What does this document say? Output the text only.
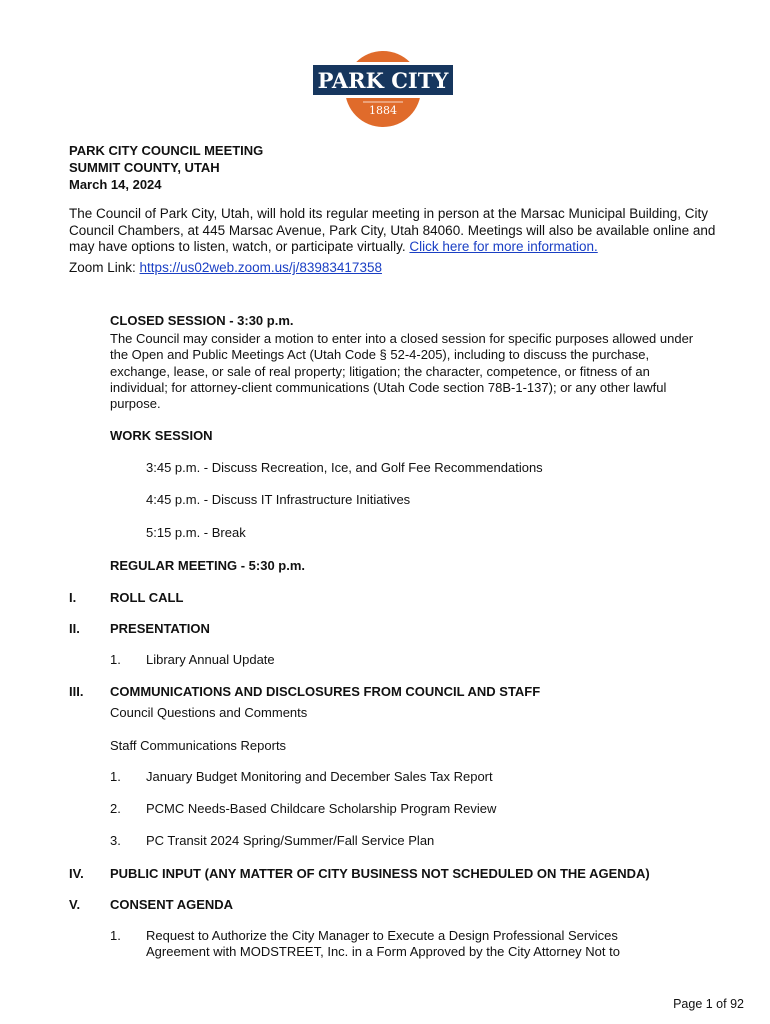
PARK CITY
1884
PARK CITY COUNCIL MEETING
SUMMIT COUNTY, UTAH
March 14, 2024
The Council of Park City, Utah, will hold its regular meeting in person at the Marsac Municipal Building, City Council Chambers, at 445 Marsac Avenue, Park City, Utah 84060. Meetings will also be available online and may have options to listen, watch, or participate virtually. Click here for more information.
Zoom Link: https://us02web.zoom.us/j/83983417358
CLOSED SESSION - 3:30 p.m.
The Council may consider a motion to enter into a closed session for specific purposes allowed under the Open and Public Meetings Act (Utah Code § 52-4-205), including to discuss the purchase, exchange, lease, or sale of real property; litigation; the character, competence, or fitness of an individual; for attorney-client communications (Utah Code section 78B-1-137); or any other lawful purpose.
WORK SESSION
3:45 p.m. - Discuss Recreation, Ice, and Golf Fee Recommendations
4:45 p.m. - Discuss IT Infrastructure Initiatives
5:15 p.m. - Break
REGULAR MEETING - 5:30 p.m.
I.	ROLL CALL
II. PRESENTATION
1. Library Annual Update
III. COMMUNICATIONS AND DISCLOSURES FROM COUNCIL AND STAFF
Council Questions and Comments
Staff Communications Reports
1. January Budget Monitoring and December Sales Tax Report
2. PCMC Needs-Based Childcare Scholarship Program Review
3. PC Transit 2024 Spring/Summer/Fall Service Plan
IV. PUBLIC INPUT (ANY MATTER OF CITY BUSINESS NOT SCHEDULED ON THE AGENDA)
V. CONSENT AGENDA
1. Request to Authorize the City Manager to Execute a Design Professional Services
Agreement with MODSTREET, Inc. in a Form Approved by the City Attorney Not to
Page 1 of 92
